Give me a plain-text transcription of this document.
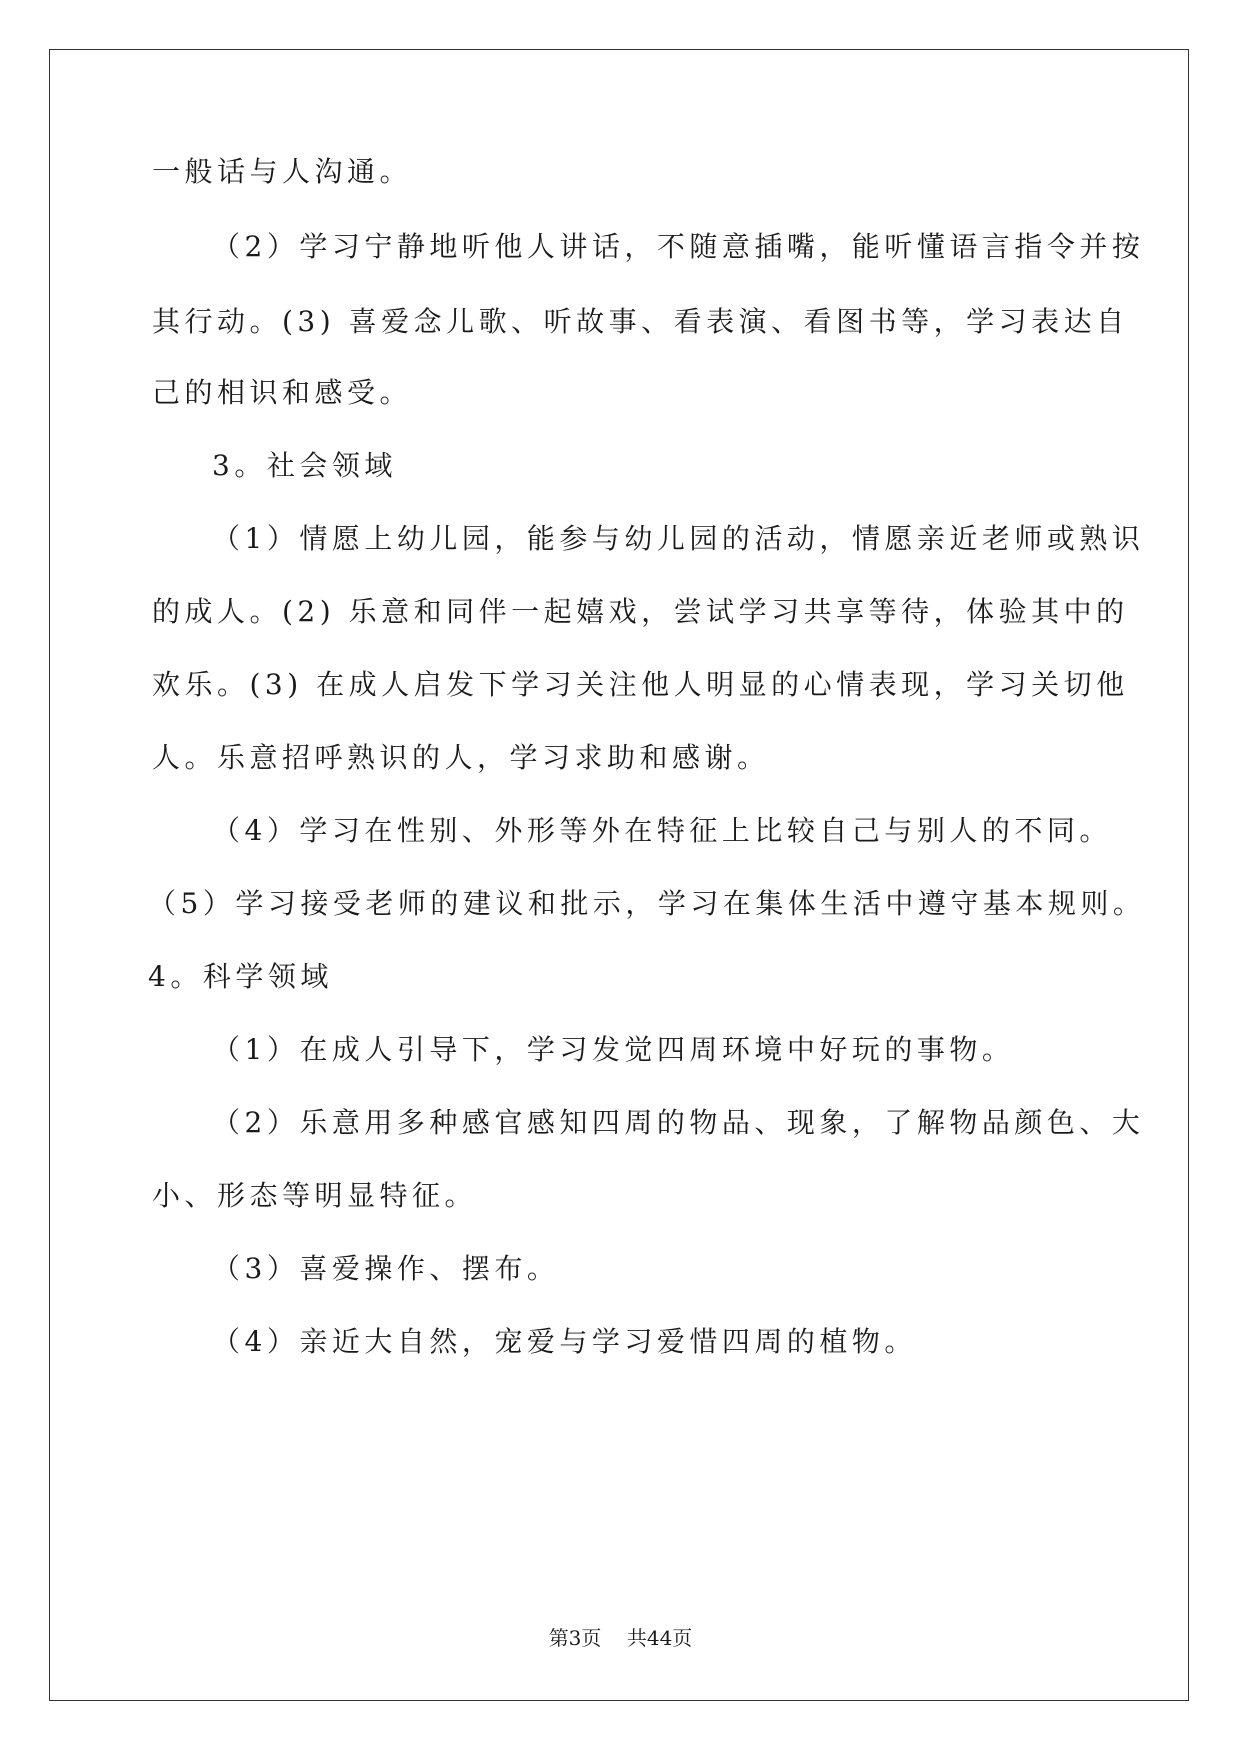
一般话与人沟通。
（2）学习宁静地听他人讲话，不随意插嘴，能听懂语言指令并按
其行动。(3) 喜爱念儿歌、听故事、看表演、看图书等，学习表达自
己的相识和感受。
3。社会领域
（1）情愿上幼儿园，能参与幼儿园的活动，情愿亲近老师或熟识
的成人。(2) 乐意和同伴一起嬉戏，尝试学习共享等待，体验其中的
欢乐。(3) 在成人启发下学习关注他人明显的心情表现，学习关切他
人。乐意招呼熟识的人，学习求助和感谢。
（4）学习在性别、外形等外在特征上比较自己与别人的不同。
（5）学习接受老师的建议和批示，学习在集体生活中遵守基本规则。
4。科学领域
（1）在成人引导下，学习发觉四周环境中好玩的事物。
（2）乐意用多种感官感知四周的物品、现象，了解物品颜色、大
小、形态等明显特征。
（3）喜爱操作、摆布。
（4）亲近大自然，宠爱与学习爱惜四周的植物。
第3页    共44页
